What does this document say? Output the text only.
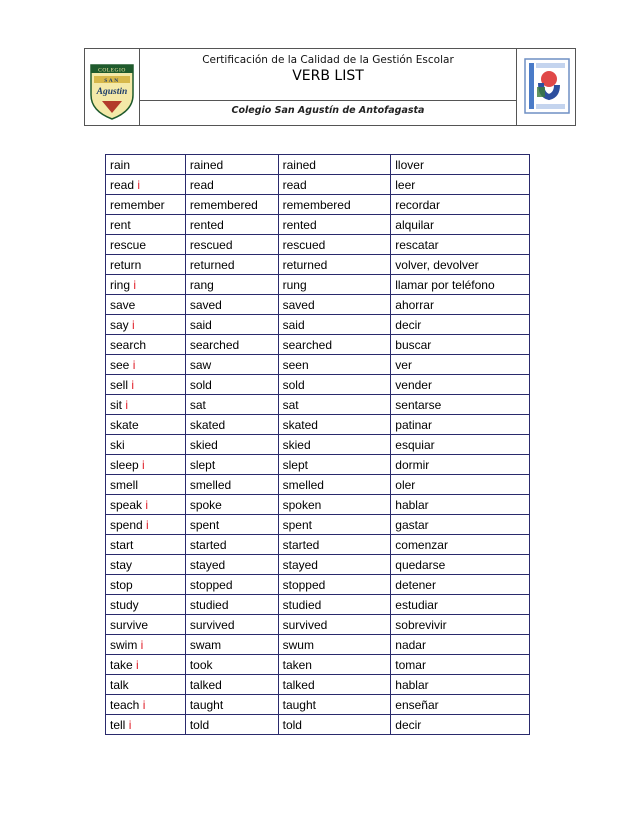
COLEGIO
SAN
Agustin
Certificación de la Calidad de la Gestión Escolar
VERB LIST
Colegio San Agustín de Antofagasta
rain	rained	rained	llover
read i	read	read	leer
remember	remembered	remembered	recordar
rent	rented	rented	alquilar
rescue	rescued	rescued	rescatar
return	returned	returned	volver, devolver
ring i	rang	rung	llamar por teléfono
save	saved	saved	ahorrar
say i	said	said	decir
search	searched	searched	buscar
see i	saw	seen	ver
sell i	sold	sold	vender
sit i	sat	sat	sentarse
skate	skated	skated	patinar
ski	skied	skied	esquiar
sleep i	slept	slept	dormir
smell	smelled	smelled	oler
speak i	spoke	spoken	hablar
spend i	spent	spent	gastar
start	started	started	comenzar
stay	stayed	stayed	quedarse
stop	stopped	stopped	detener
study	studied	studied	estudiar
survive	survived	survived	sobrevivir
swim i	swam	swum	nadar
take i	took	taken	tomar
talk	talked	talked	hablar
teach i	taught	taught	enseñar
tell i	told	told	decir
